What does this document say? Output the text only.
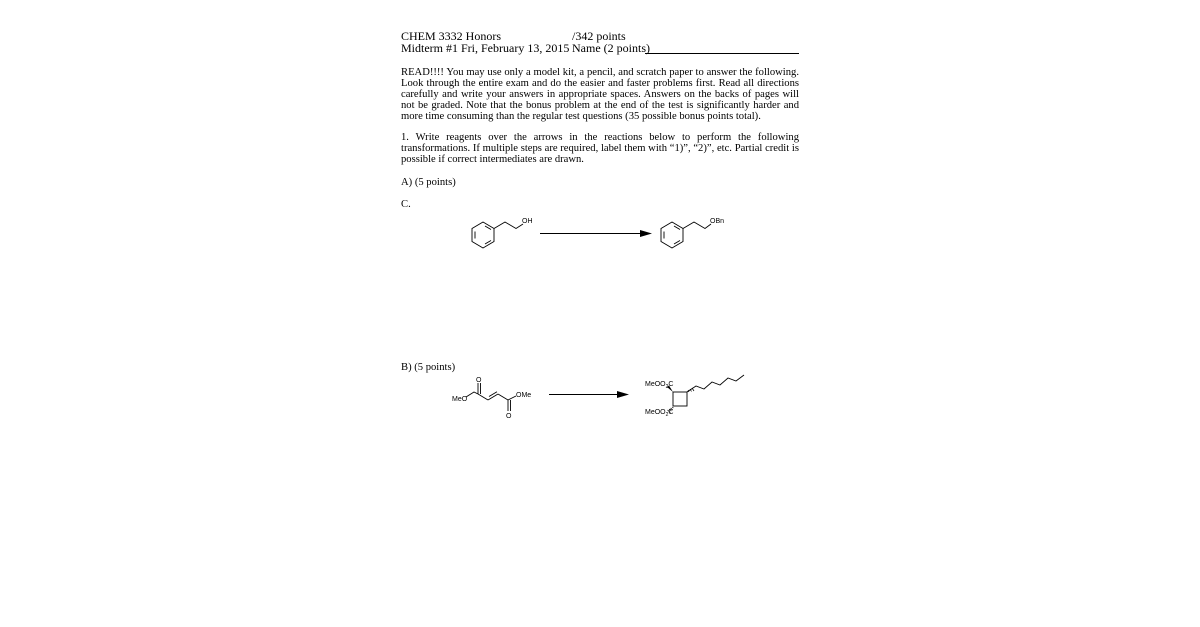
CHEM 3332 Honors
Midterm #1 Fri, February 13, 2015
/342 points
Name (2 points)
READ!!!! You may use only a model kit, a pencil, and scratch paper to answer the following. Look through the entire exam and do the easier and faster problems first. Read all directions carefully and write your answers in appropriate spaces. Answers on the backs of pages will not be graded. Note that the bonus problem at the end of the test is significantly harder and more time consuming than the regular test questions (35 possible bonus points total).
1. Write reagents over the arrows in the reactions below to perform the following transformations. If multiple steps are required, label them with “1)”, “2)”, etc. Partial credit is possible if correct intermediates are drawn.
A) (5 points)
C.
B) (5 points)
OH	OBn
MeO
OMe
O
O
MeOO$_2$C
MeOO$_2$C
